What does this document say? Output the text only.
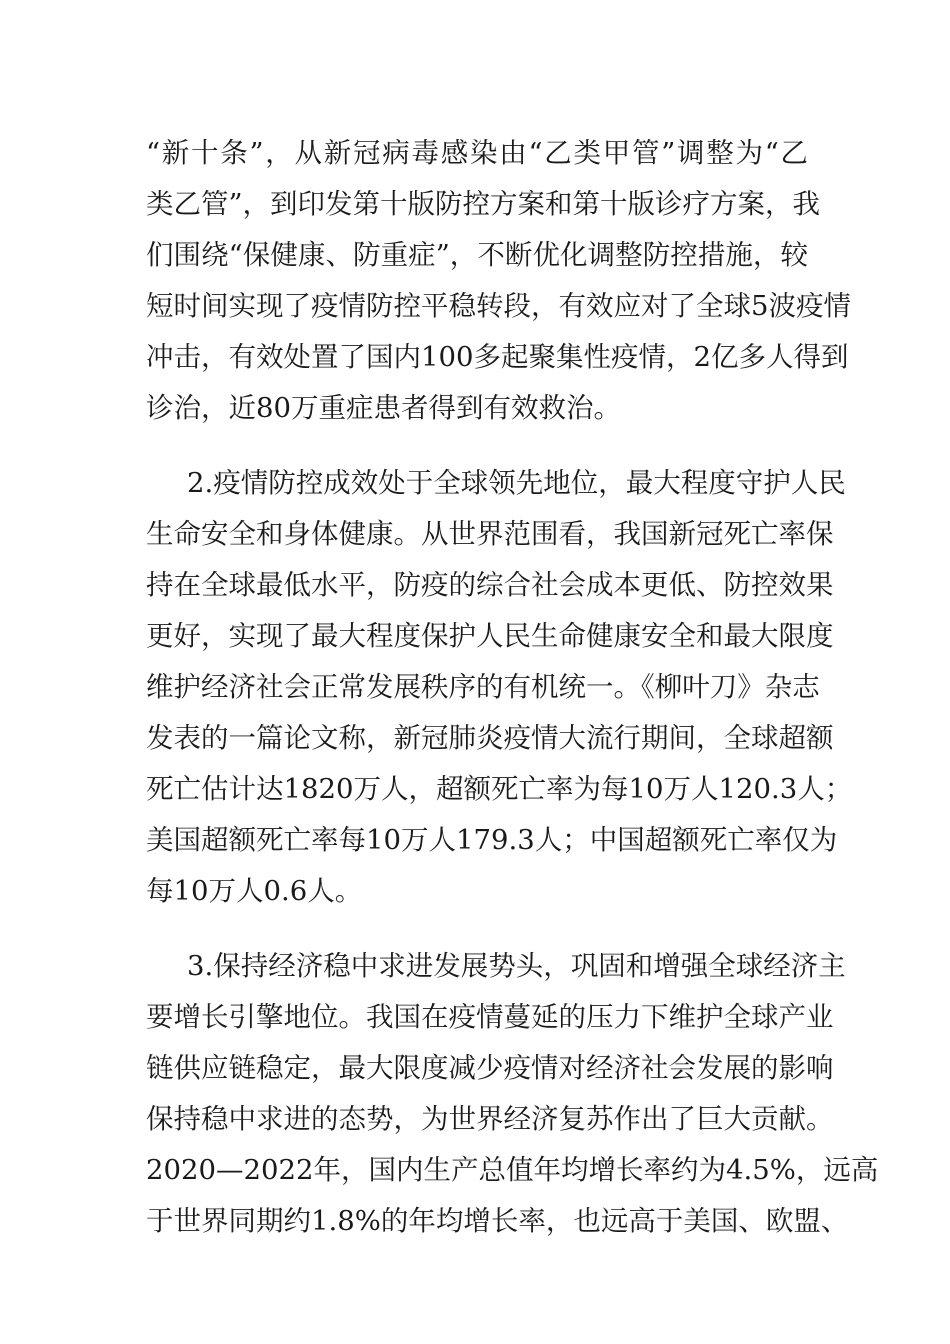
“新十条”，从新冠病毒感染由“乙类甲管”调整为“乙
类乙管”，到印发第十版防控方案和第十版诊疗方案，我
们围绕“保健康、防重症”，不断优化调整防控措施，较
短时间实现了疫情防控平稳转段，有效应对了全球5波疫情
冲击，有效处置了国内100多起聚集性疫情，2亿多人得到
诊治，近80万重症患者得到有效救治。
2.疫情防控成效处于全球领先地位，最大程度守护人民
生命安全和身体健康。从世界范围看，我国新冠死亡率保
持在全球最低水平，防疫的综合社会成本更低、防控效果
更好，实现了最大程度保护人民生命健康安全和最大限度
维护经济社会正常发展秩序的有机统一。《柳叶刀》杂志
发表的一篇论文称，新冠肺炎疫情大流行期间，全球超额
死亡估计达1820万人，超额死亡率为每10万人120.3人；
美国超额死亡率每10万人179.3人；中国超额死亡率仅为
每10万人0.6人。
3.保持经济稳中求进发展势头，巩固和增强全球经济主
要增长引擎地位。我国在疫情蔓延的压力下维护全球产业
链供应链稳定，最大限度减少疫情对经济社会发展的影响
保持稳中求进的态势，为世界经济复苏作出了巨大贡献。
2020—2022年，国内生产总值年均增长率约为4.5%，远高
于世界同期约1.8%的年均增长率，也远高于美国、欧盟、
